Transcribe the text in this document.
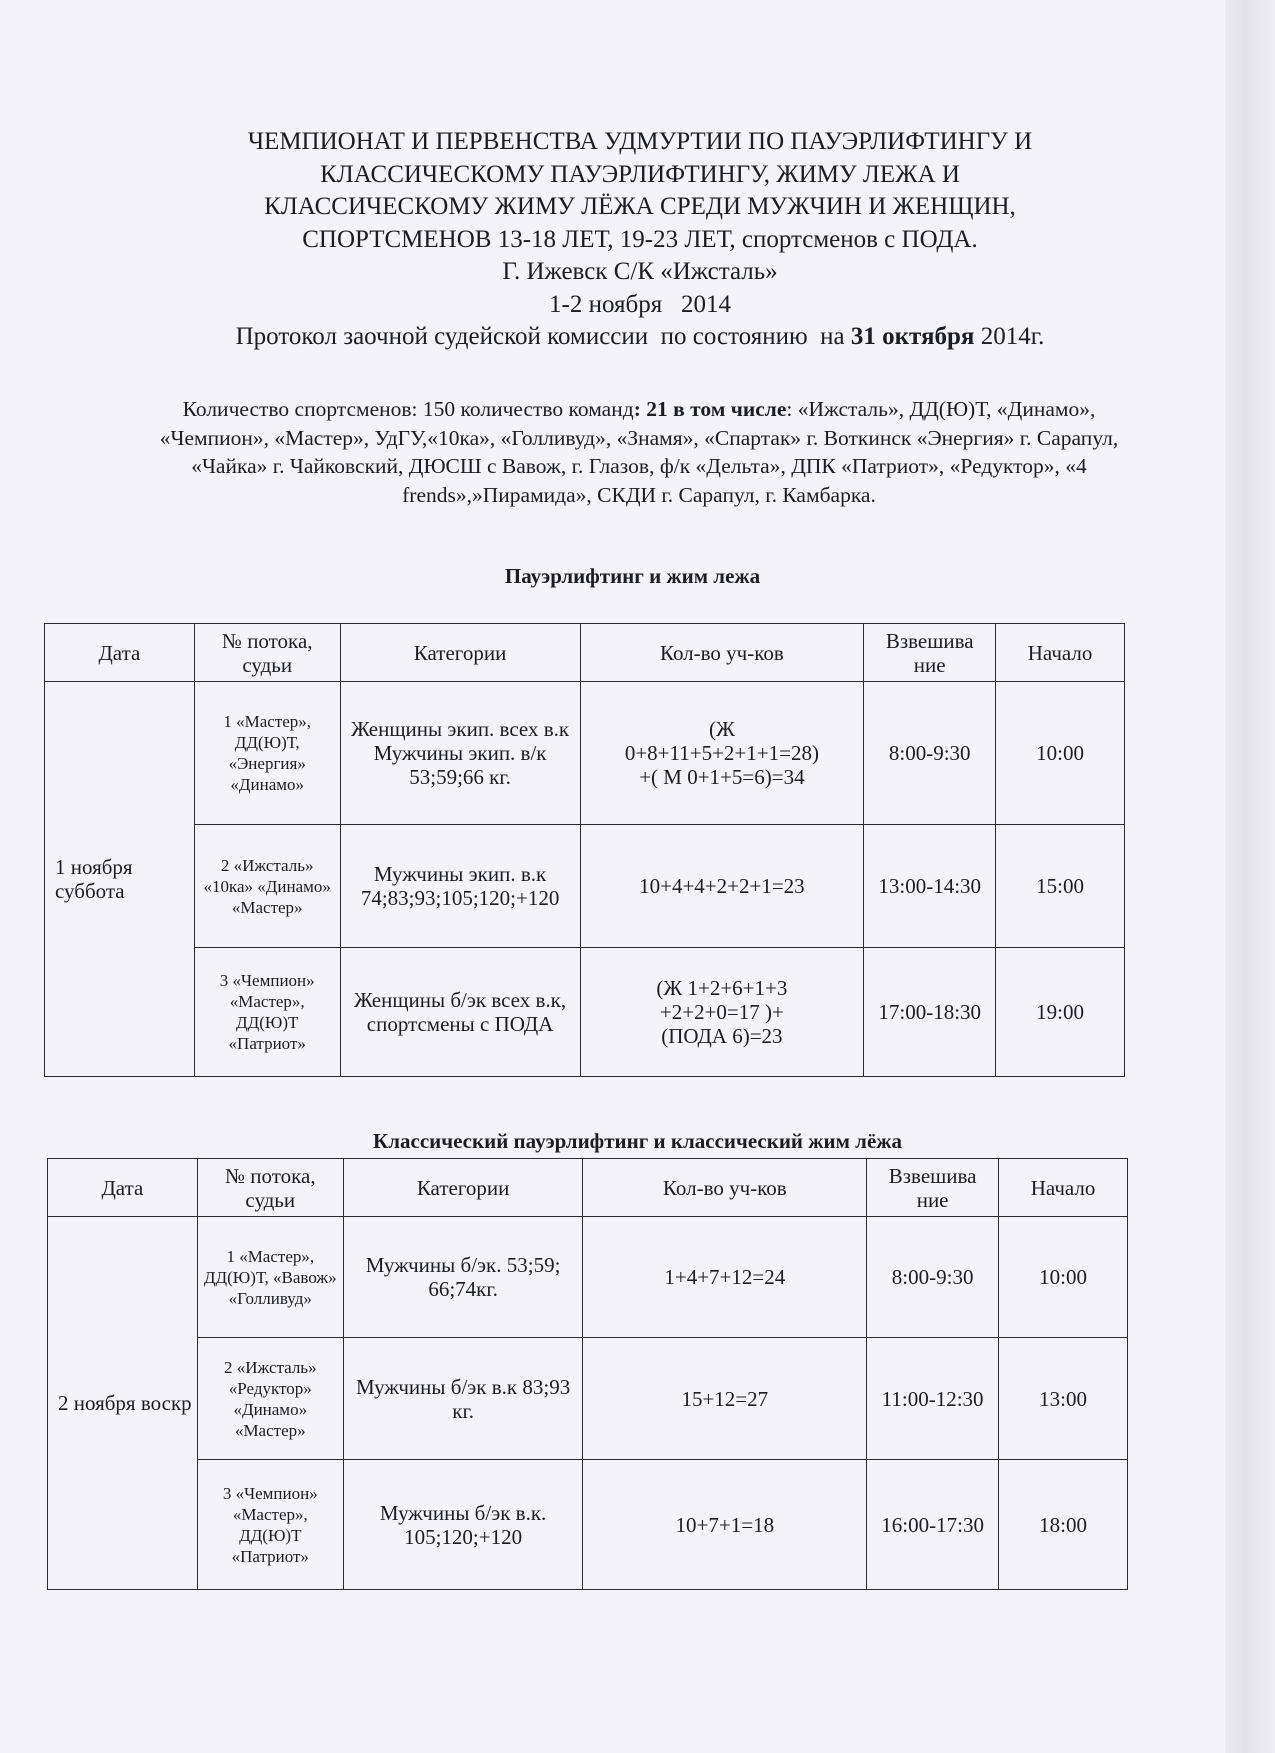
ЧЕМПИОНАТ И ПЕРВЕНСТВА УДМУРТИИ ПО ПАУЭРЛИФТИНГУ И
КЛАССИЧЕСКОМУ ПАУЭРЛИФТИНГУ, ЖИМУ ЛЕЖА И
КЛАССИЧЕСКОМУ ЖИМУ ЛЁЖА СРЕДИ МУЖЧИН И ЖЕНЩИН,
СПОРТСМЕНОВ 13-18 ЛЕТ, 19-23 ЛЕТ, спортсменов с ПОДА.
Г. Ижевск С/К «Ижсталь»
1-2 ноября   2014
Протокол заочной судейской комиссии  по состоянию  на 31 октября 2014г.
Количество спортсменов: 150 количество команд: 21 в том числе: «Ижсталь», ДД(Ю)Т, «Динамо», «Чемпион», «Мастер», УдГУ,«10ка», «Голливуд», «Знамя», «Спартак» г. Воткинск «Энергия» г. Сарапул, «Чайка» г. Чайковский, ДЮСШ с Вавож, г. Глазов, ф/к «Дельта», ДПК «Патриот», «Редуктор», «4 frends»,»Пирамида», СКДИ г. Сарапул, г. Камбарка.
Пауэрлифтинг и жим лежа
Дата	№ потока, судьи	Категории	Кол-во уч-ков	Взвешива ние	Начало
1 ноября суббота	1 «Мастер», ДД(Ю)Т, «Энергия» «Динамо»	Женщины экип. всех в.к Мужчины экип. в/к 53;59;66 кг.	(Ж
0+8+11+5+2+1+1=28)
+( М 0+1+5=6)=34	8:00-9:30	10:00
	2 «Ижсталь» «10ка» «Динамо» «Мастер»	Мужчины экип. в.к 74;83;93;105;120;+120	10+4+4+2+2+1=23	13:00-14:30	15:00
	3 «Чемпион» «Мастер», ДД(Ю)Т «Патриот»	Женщины б/эк всех в.к, спортсмены с ПОДА	(Ж 1+2+6+1+3
+2+2+0=17 )+
(ПОДА 6)=23	17:00-18:30	19:00
Классический пауэрлифтинг и классический жим лёжа
Дата	№ потока, судьи	Категории	Кол-во уч-ков	Взвешива ние	Начало
2 ноября воскр	1 «Мастер», ДД(Ю)Т, «Вавож» «Голливуд»	Мужчины б/эк. 53;59; 66;74кг.	1+4+7+12=24	8:00-9:30	10:00
	2 «Ижсталь» «Редуктор» «Динамо» «Мастер»	Мужчины б/эк в.к 83;93 кг.	15+12=27	11:00-12:30	13:00
	3 «Чемпион» «Мастер», ДД(Ю)Т «Патриот»	Мужчины б/эк в.к. 105;120;+120	10+7+1=18	16:00-17:30	18:00
